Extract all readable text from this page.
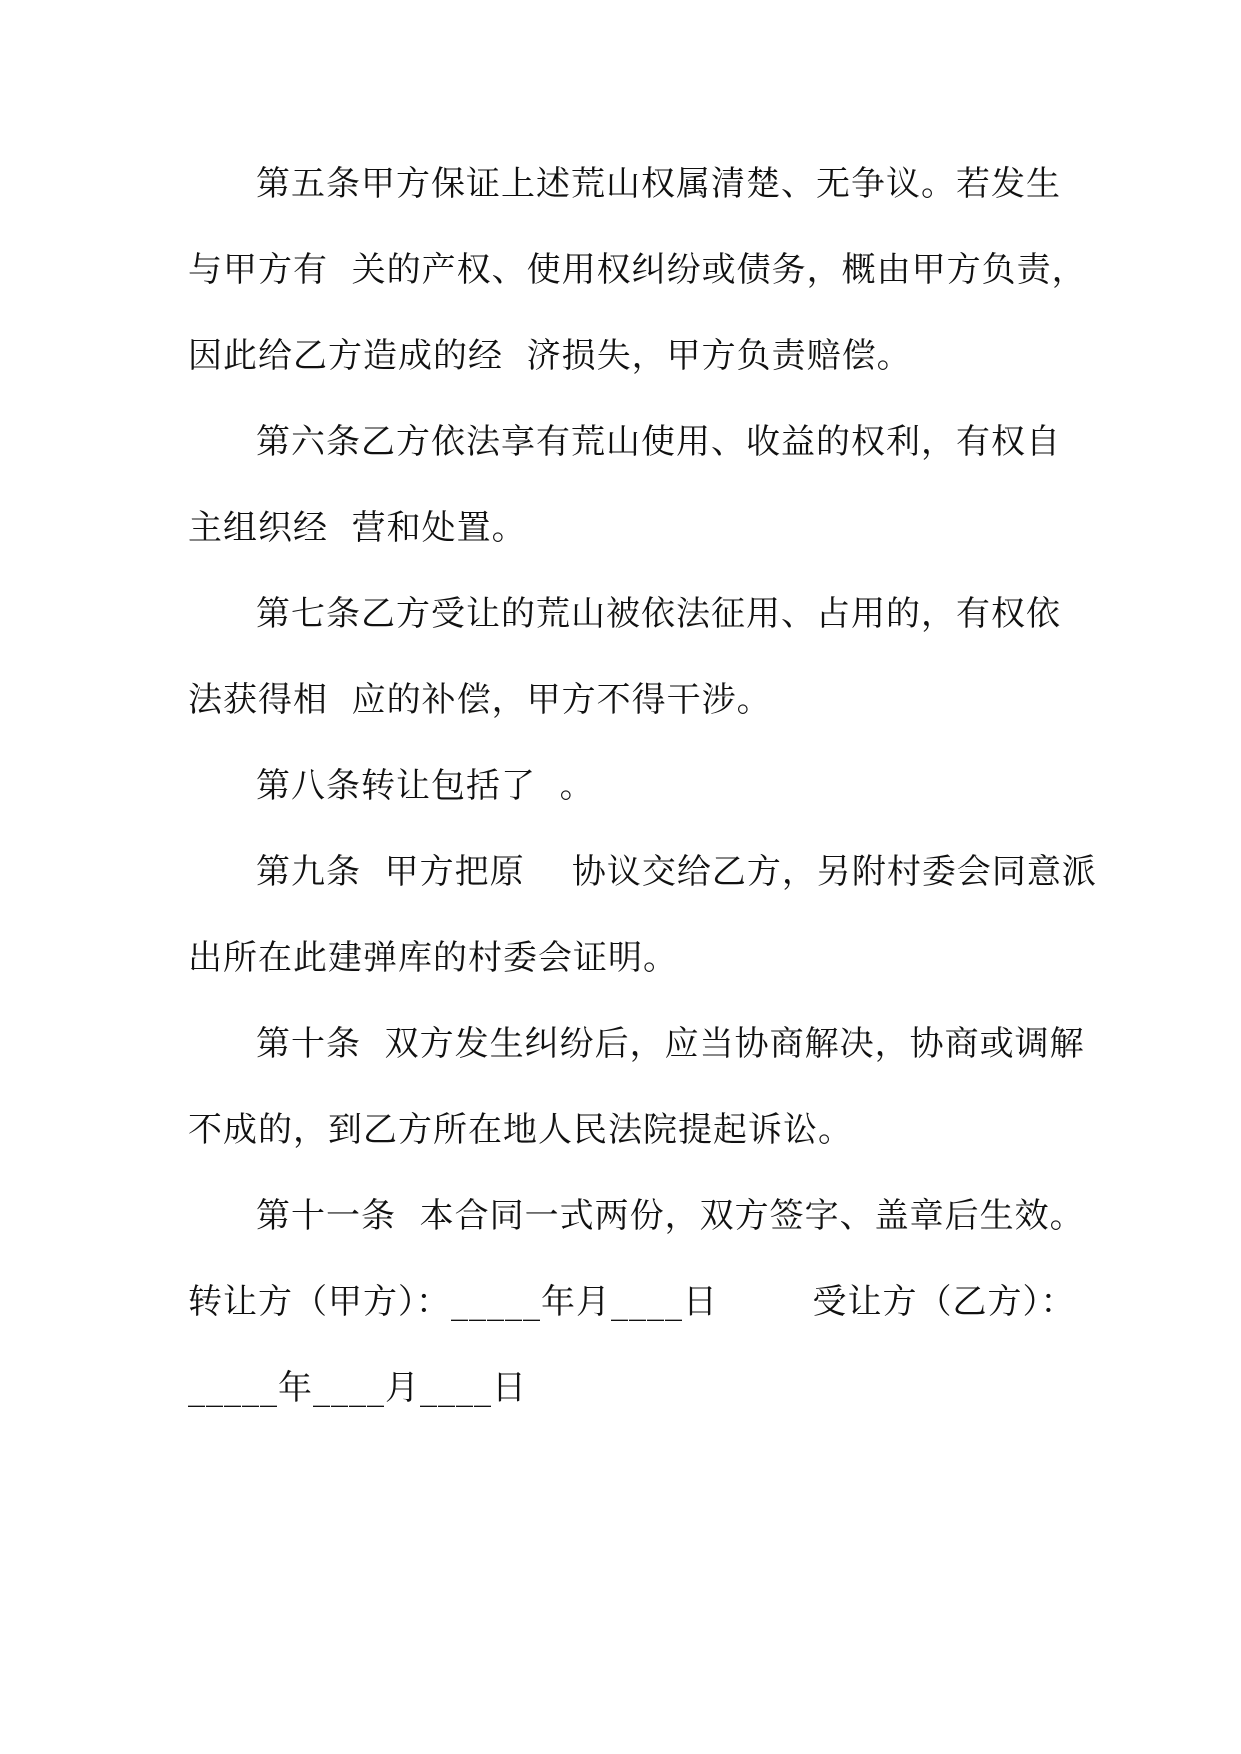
第五条甲方保证上述荒山权属清楚、无争议。若发生
与甲方有  关的产权、使用权纠纷或债务，概由甲方负责，
因此给乙方造成的经  济损失，甲方负责赔偿。
第六条乙方依法享有荒山使用、收益的权利，有权自
主组织经  营和处置。
第七条乙方受让的荒山被依法征用、占用的，有权依
法获得相  应的补偿，甲方不得干涉。
第八条转让包括了  。
第九条  甲方把原    协议交给乙方，另附村委会同意派
出所在此建弹库的村委会证明。
第十条  双方发生纠纷后，应当协商解决，协商或调解
不成的，到乙方所在地人民法院提起诉讼。
第十一条  本合同一式两份，双方签字、盖章后生效。
转让方（甲方）：_____年月____日        受让方（乙方）：
_____年____月____日
